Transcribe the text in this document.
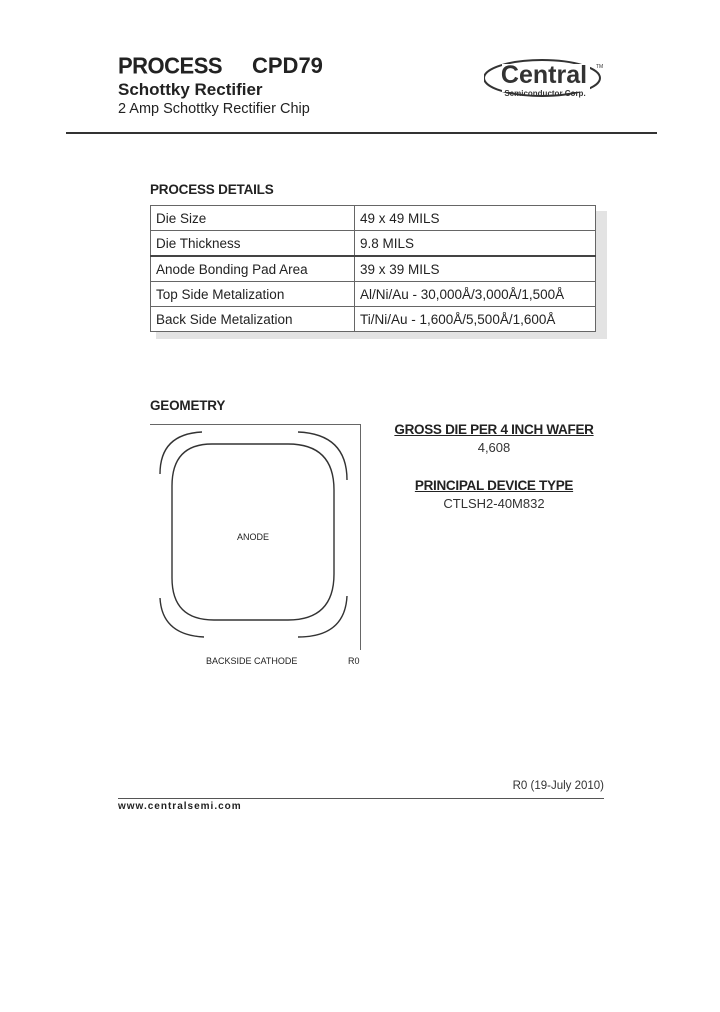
PROCESS CPD79
Schottky Rectifier
2 Amp Schottky Rectifier Chip
Central TM
Semiconductor Corp.
PROCESS DETAILS
Die Size	49 x 49 MILS
Die Thickness	9.8 MILS
Anode Bonding Pad Area	39 x 39 MILS
Top Side Metalization	Al/Ni/Au - 30,000Å/3,000Å/1,500Å
Back Side Metalization	Ti/Ni/Au - 1,600Å/5,500Å/1,600Å
GEOMETRY
ANODE
BACKSIDE CATHODE	R0
GROSS DIE PER 4 INCH WAFER
4,608
PRINCIPAL DEVICE TYPE
CTLSH2-40M832
R0 (19-July 2010)
www.centralsemi.com
